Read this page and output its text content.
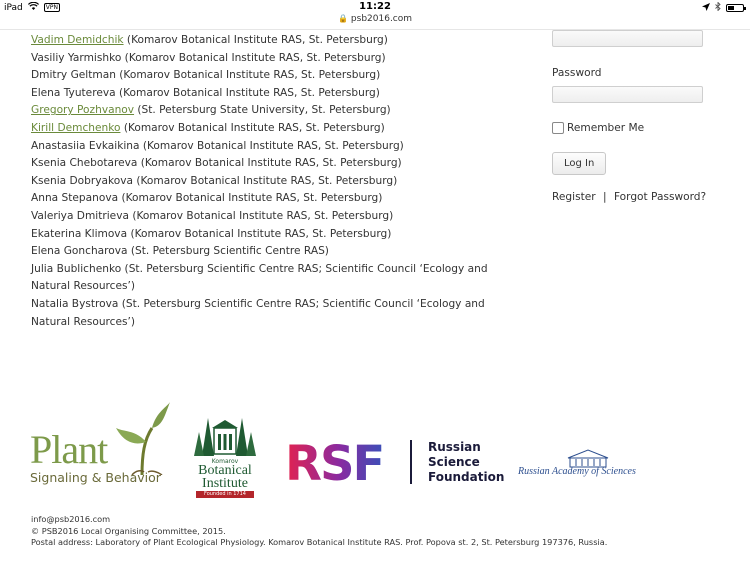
iPad	VPN	11:22
🔒 psb2016.com
Vadim Demidchik (Komarov Botanical Institute RAS, St. Petersburg)
Vasiliy Yarmishko (Komarov Botanical Institute RAS, St. Petersburg)
Dmitry Geltman (Komarov Botanical Institute RAS, St. Petersburg)
Elena Tyutereva (Komarov Botanical Institute RAS, St. Petersburg)
Gregory Pozhvanov (St. Petersburg State University, St. Petersburg)
Kirill Demchenko (Komarov Botanical Institute RAS, St. Petersburg)
Anastasiia Evkaikina (Komarov Botanical Institute RAS, St. Petersburg)
Ksenia Chebotareva (Komarov Botanical Institute RAS, St. Petersburg)
Ksenia Dobryakova (Komarov Botanical Institute RAS, St. Petersburg)
Anna Stepanova (Komarov Botanical Institute RAS, St. Petersburg)
Valeriya Dmitrieva (Komarov Botanical Institute RAS, St. Petersburg)
Ekaterina Klimova (Komarov Botanical Institute RAS, St. Petersburg)
Elena Goncharova (St. Petersburg Scientific Centre RAS)
Julia Bublichenko (St. Petersburg Scientific Centre RAS; Scientific Council ‘Ecology and Natural Resources’)
Natalia Bystrova (St. Petersburg Scientific Centre RAS; Scientific Council ‘Ecology and Natural Resources’)
Password
Remember Me
Log In
Register | Forgot Password?
Plant
Signaling & Behavior
Komarov
Botanical
Institute
Founded in 1714
RSF	Russian
Science
Foundation Russian Academy of Sciences
info@psb2016.com
© PSB2016 Local Organising Committee, 2015.
Postal address: Laboratory of Plant Ecological Physiology. Komarov Botanical Institute RAS. Prof. Popova st. 2, St. Petersburg 197376, Russia.
